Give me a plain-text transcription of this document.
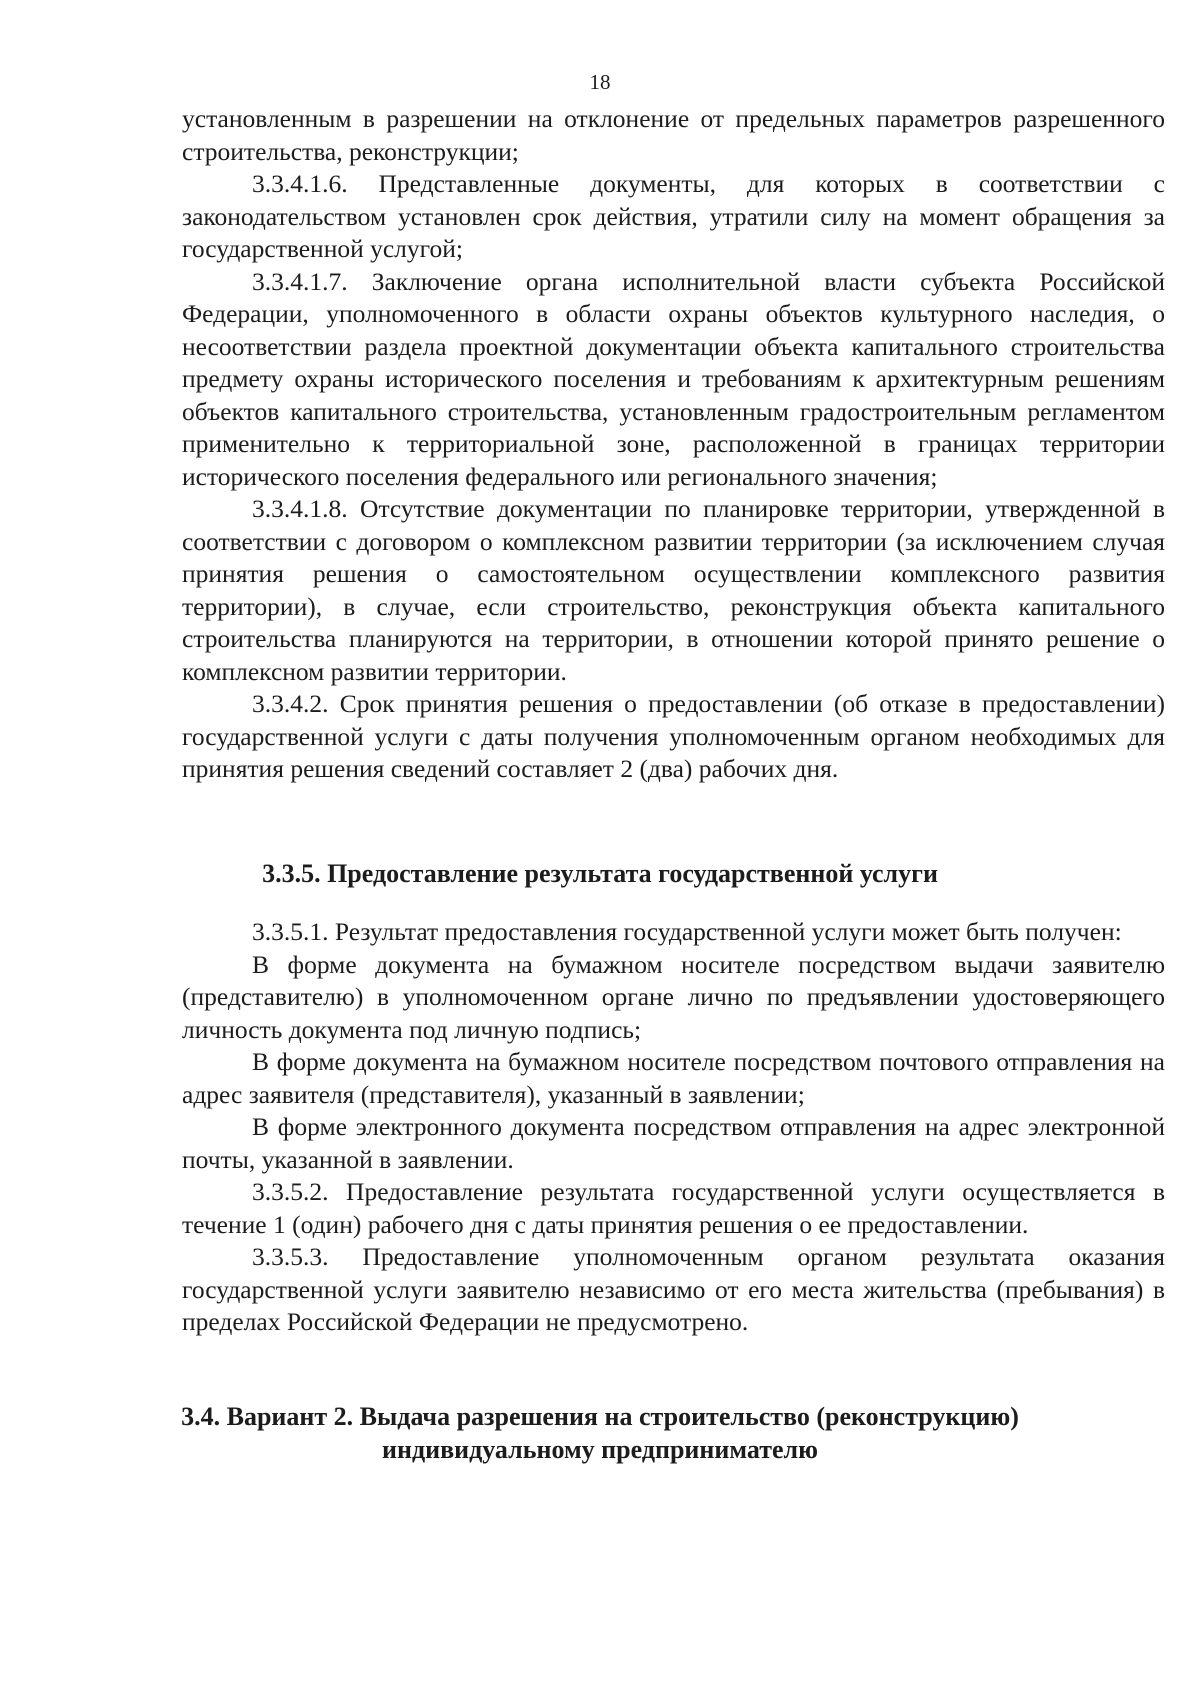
18

установленным в разрешении на отклонение от предельных параметров разрешенного строительства, реконструкции;

3.3.4.1.6. Представленные документы, для которых в соответствии с законодательством установлен срок действия, утратили силу на момент обращения за государственной услугой;

3.3.4.1.7. Заключение органа исполнительной власти субъекта Российской Федерации, уполномоченного в области охраны объектов культурного наследия, о несоответствии раздела проектной документации объекта капитального строительства предмету охраны исторического поселения и требованиям к архитектурным решениям объектов капитального строительства, установленным градостроительным регламентом применительно к территориальной зоне, расположенной в границах территории исторического поселения федерального или регионального значения;

3.3.4.1.8. Отсутствие документации по планировке территории, утвержденной в соответствии с договором о комплексном развитии территории (за исключением случая принятия решения о самостоятельном осуществлении комплексного развития территории), в случае, если строительство, реконструкция объекта капитального строительства планируются на территории, в отношении которой принято решение о комплексном развитии территории.

3.3.4.2. Срок принятия решения о предоставлении (об отказе в предоставлении) государственной услуги с даты получения уполномоченным органом необходимых для принятия решения сведений составляет 2 (два) рабочих дня.

3.3.5. Предоставление результата государственной услуги

3.3.5.1. Результат предоставления государственной услуги может быть получен:

В форме документа на бумажном носителе посредством выдачи заявителю (представителю) в уполномоченном органе лично по предъявлении удостоверяющего личность документа под личную подпись;

В форме документа на бумажном носителе посредством почтового отправления на адрес заявителя (представителя), указанный в заявлении;

В форме электронного документа посредством отправления на адрес электронной почты, указанной в заявлении.

3.3.5.2. Предоставление результата государственной услуги осуществляется в течение 1 (один) рабочего дня с даты принятия решения о ее предоставлении.

3.3.5.3. Предоставление уполномоченным органом результата оказания государственной услуги заявителю независимо от его места жительства (пребывания) в пределах Российской Федерации не предусмотрено.

3.4. Вариант 2. Выдача разрешения на строительство (реконструкцию)
индивидуальному предпринимателю
